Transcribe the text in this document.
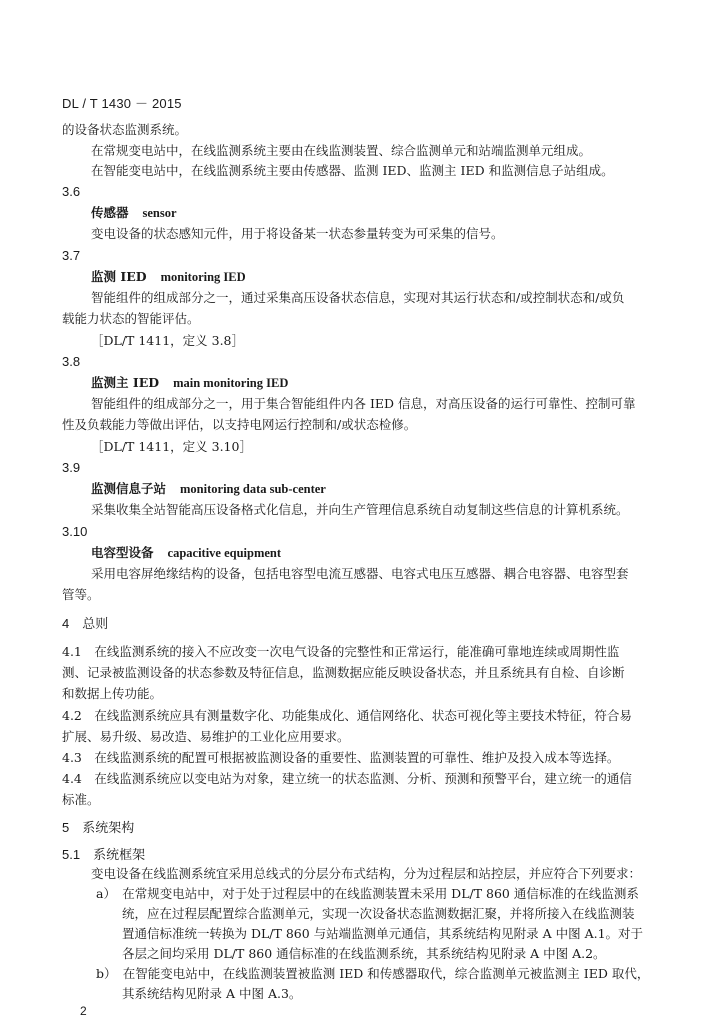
DL / T 1430 － 2015
的设备状态监测系统。
在常规变电站中，在线监测系统主要由在线监测装置、综合监测单元和站端监测单元组成。
在智能变电站中，在线监测系统主要由传感器、监测 IED、监测主 IED 和监测信息子站组成。
3.6
传感器 sensor
变电设备的状态感知元件，用于将设备某一状态参量转变为可采集的信号。
3.7
监测 IED monitoring IED
智能组件的组成部分之一，通过采集高压设备状态信息，实现对其运行状态和/或控制状态和/或负
载能力状态的智能评估。
［DL/T 1411，定义 3.8］
3.8
监测主 IED main monitoring IED
智能组件的组成部分之一，用于集合智能组件内各 IED 信息，对高压设备的运行可靠性、控制可靠
性及负载能力等做出评估，以支持电网运行控制和/或状态检修。
［DL/T 1411，定义 3.10］
3.9
监测信息子站 monitoring data sub-center
采集收集全站智能高压设备格式化信息，并向生产管理信息系统自动复制这些信息的计算机系统。
3.10
电容型设备 capacitive equipment
采用电容屏绝缘结构的设备，包括电容型电流互感器、电容式电压互感器、耦合电容器、电容型套
管等。
4　总则
4.1　在线监测系统的接入不应改变一次电气设备的完整性和正常运行，能准确可靠地连续或周期性监
测、记录被监测设备的状态参数及特征信息，监测数据应能反映设备状态，并且系统具有自检、自诊断
和数据上传功能。
4.2　在线监测系统应具有测量数字化、功能集成化、通信网络化、状态可视化等主要技术特征，符合易
扩展、易升级、易改造、易维护的工业化应用要求。
4.3　在线监测系统的配置可根据被监测设备的重要性、监测装置的可靠性、维护及投入成本等选择。
4.4　在线监测系统应以变电站为对象，建立统一的状态监测、分析、预测和预警平台，建立统一的通信
标准。
5　系统架构
5.1　系统框架
变电设备在线监测系统宜采用总线式的分层分布式结构，分为过程层和站控层，并应符合下列要求：
a）　在常规变电站中，对于处于过程层中的在线监测装置未采用 DL/T 860 通信标准的在线监测系
统，应在过程层配置综合监测单元，实现一次设备状态监测数据汇聚，并将所接入在线监测装
置通信标准统一转换为 DL/T 860 与站端监测单元通信，其系统结构见附录 A 中图 A.1。对于
各层之间均采用 DL/T 860 通信标准的在线监测系统，其系统结构见附录 A 中图 A.2。
b）　在智能变电站中，在线监测装置被监测 IED 和传感器取代，综合监测单元被监测主 IED 取代，
其系统结构见附录 A 中图 A.3。
2
